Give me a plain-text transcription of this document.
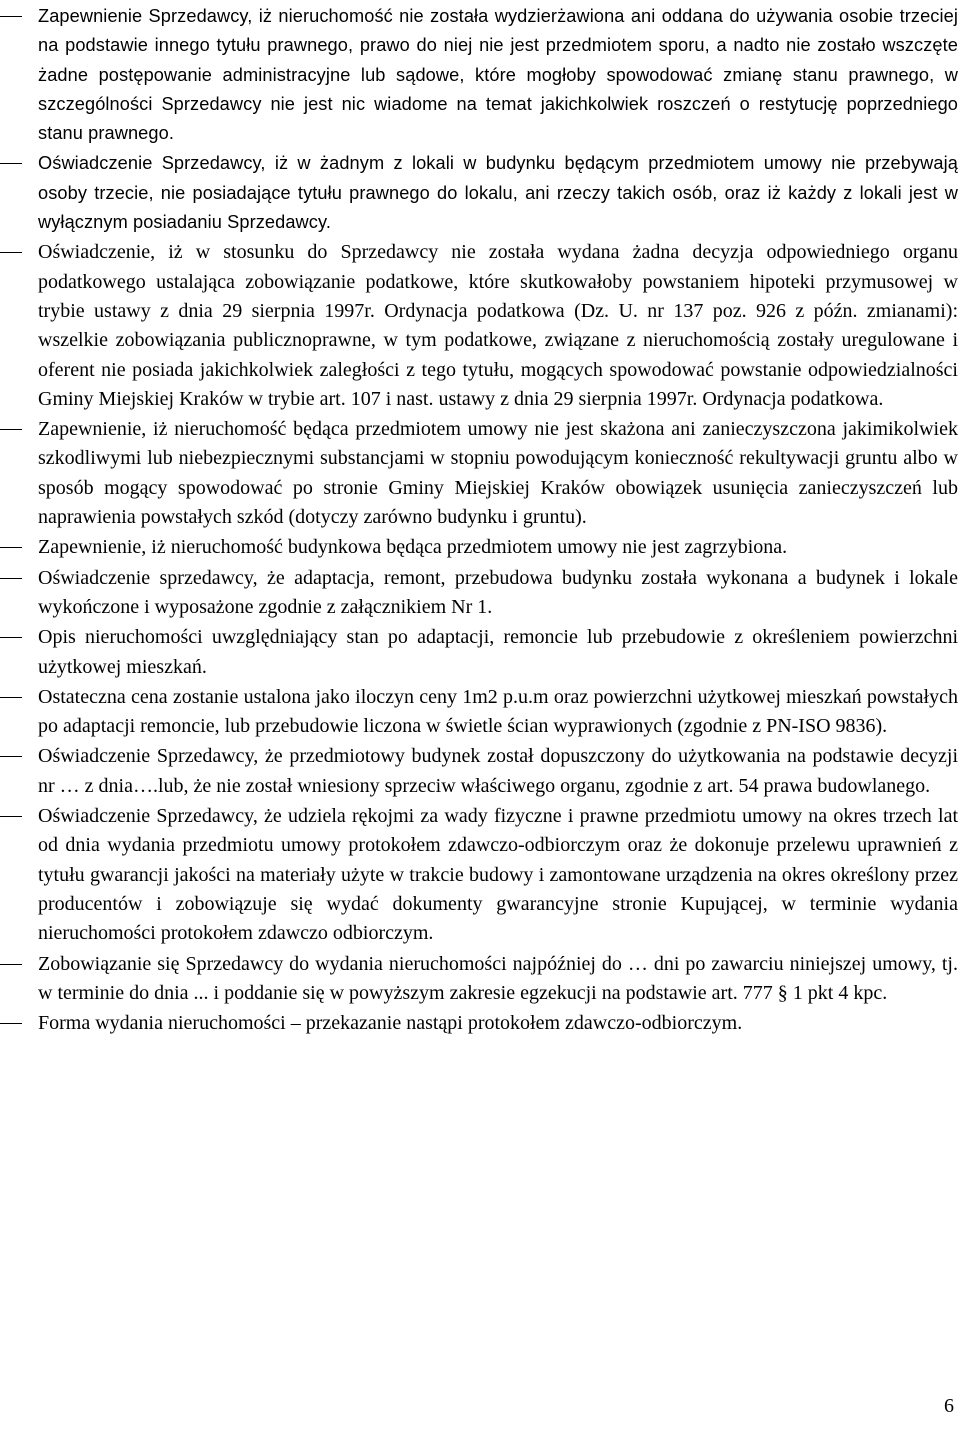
Zapewnienie Sprzedawcy, iż nieruchomość nie została wydzierżawiona ani oddana do używania osobie trzeciej na podstawie innego tytułu prawnego, prawo do niej nie jest przedmiotem sporu, a nadto nie zostało wszczęte żadne postępowanie administracyjne lub sądowe, które mogłoby spowodować zmianę stanu prawnego, w szczególności Sprzedawcy nie jest nic wiadome na temat jakichkolwiek roszczeń o restytucję poprzedniego stanu prawnego.
Oświadczenie Sprzedawcy, iż w żadnym z lokali w budynku będącym przedmiotem umowy nie przebywają osoby trzecie, nie posiadające tytułu prawnego do lokalu, ani rzeczy takich osób, oraz iż każdy z lokali jest w wyłącznym posiadaniu Sprzedawcy.
Oświadczenie, iż w stosunku do Sprzedawcy nie została wydana żadna decyzja odpowiedniego organu podatkowego ustalająca zobowiązanie podatkowe, które skutkowałoby powstaniem hipoteki przymusowej w trybie ustawy z dnia 29 sierpnia 1997r. Ordynacja podatkowa (Dz. U. nr 137 poz. 926 z późn. zmianami): wszelkie zobowiązania publicznoprawne, w tym podatkowe, związane z nieruchomością zostały uregulowane i oferent nie posiada jakichkolwiek zaległości z tego tytułu, mogących spowodować powstanie odpowiedzialności Gminy Miejskiej Kraków w trybie art. 107 i nast. ustawy z dnia 29 sierpnia 1997r. Ordynacja podatkowa.
Zapewnienie, iż nieruchomość będąca przedmiotem umowy nie jest skażona ani zanieczyszczona jakimikolwiek szkodliwymi lub niebezpiecznymi substancjami w stopniu powodującym konieczność rekultywacji gruntu albo w sposób mogący spowodować po stronie Gminy Miejskiej Kraków obowiązek usunięcia zanieczyszczeń lub naprawienia powstałych szkód (dotyczy zarówno budynku i gruntu).
Zapewnienie, iż nieruchomość budynkowa będąca przedmiotem umowy nie jest zagrzybiona.
Oświadczenie sprzedawcy, że adaptacja, remont, przebudowa budynku została wykonana a budynek i lokale wykończone i wyposażone zgodnie z załącznikiem Nr 1.
Opis nieruchomości uwzględniający stan po adaptacji, remoncie lub przebudowie z określeniem powierzchni użytkowej mieszkań.
Ostateczna cena zostanie ustalona jako iloczyn ceny 1m2 p.u.m oraz powierzchni użytkowej mieszkań powstałych po adaptacji remoncie, lub przebudowie liczona w świetle ścian wyprawionych (zgodnie z PN-ISO 9836).
Oświadczenie Sprzedawcy, że przedmiotowy budynek został dopuszczony do użytkowania na podstawie decyzji nr … z dnia….lub, że nie został wniesiony sprzeciw właściwego organu, zgodnie z art. 54 prawa budowlanego.
Oświadczenie Sprzedawcy, że udziela rękojmi za wady fizyczne i prawne przedmiotu umowy na okres trzech lat od dnia wydania przedmiotu umowy protokołem zdawczo-odbiorczym oraz że dokonuje przelewu uprawnień z tytułu gwarancji jakości na materiały użyte w trakcie budowy i zamontowane urządzenia na okres określony przez producentów i zobowiązuje się wydać dokumenty gwarancyjne stronie Kupującej, w terminie wydania nieruchomości protokołem zdawczo odbiorczym.
Zobowiązanie się Sprzedawcy do wydania nieruchomości najpóźniej do … dni po zawarciu niniejszej umowy, tj. w terminie do dnia ... i poddanie się w powyższym zakresie egzekucji na podstawie art. 777 § 1 pkt 4 kpc.
Forma wydania nieruchomości – przekazanie nastąpi protokołem zdawczo-odbiorczym.
6
